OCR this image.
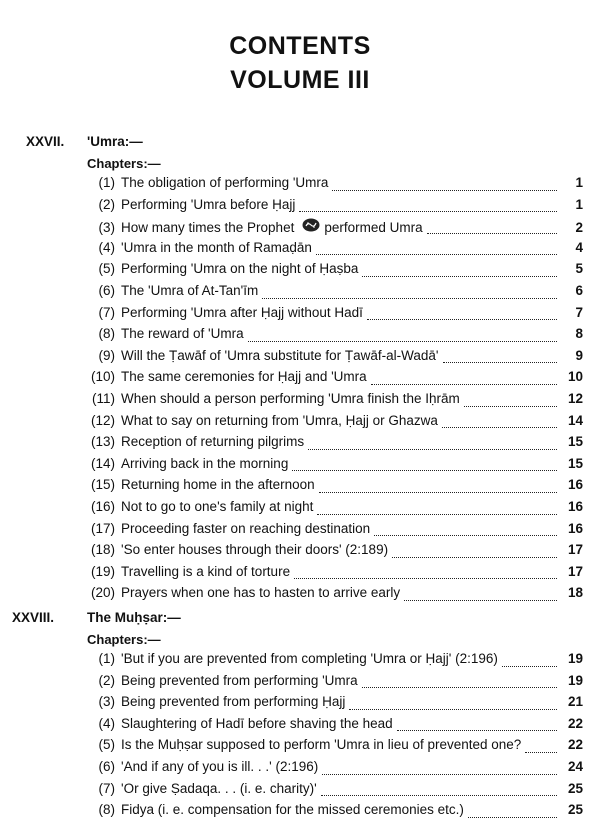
CONTENTS
VOLUME III
XXVII. 'Umra:—
Chapters:—
(1) The obligation of performing 'Umra	1
(2) Performing 'Umra before Ḥajj	1
(3) How many times the Prophet performed Umra	2
(4) 'Umra in the month of Ramaḍān	4
(5) Performing 'Umra on the night of Ḥaṣba	5
(6) The 'Umra of At-Tan'īm	6
(7) Performing 'Umra after Ḥajj without Hadī	7
(8) The reward of 'Umra	8
(9) Will the Ṭawāf of 'Umra substitute for Ṭawāf-al-Wadā'	9
(10) The same ceremonies for Ḥajj and 'Umra	10
(11) When should a person performing 'Umra finish the Iḥrām	12
(12) What to say on returning from 'Umra, Ḥajj or Ghazwa	14
(13) Reception of returning pilgrims	15
(14) Arriving back in the morning	15
(15) Returning home in the afternoon	16
(16) Not to go to one's family at night	16
(17) Proceeding faster on reaching destination	16
(18) 'So enter houses through their doors' (2:189)	17
(19) Travelling is a kind of torture	17
(20) Prayers when one has to hasten to arrive early	18
XXVIII. The Muḥṣar:—
Chapters:—
(1) 'But if you are prevented from completing 'Umra or Ḥajj' (2:196)	19
(2) Being prevented from performing 'Umra	19
(3) Being prevented from performing Ḥajj	21
(4) Slaughtering of Hadī before shaving the head	22
(5) Is the Muḥṣar supposed to perform 'Umra in lieu of prevented one?	22
(6) 'And if any of you is ill. . .' (2:196)	24
(7) 'Or give Ṣadaqa. . . (i. e. charity)'	25
(8) Fidya (i. e. compensation for the missed ceremonies etc.)	25
